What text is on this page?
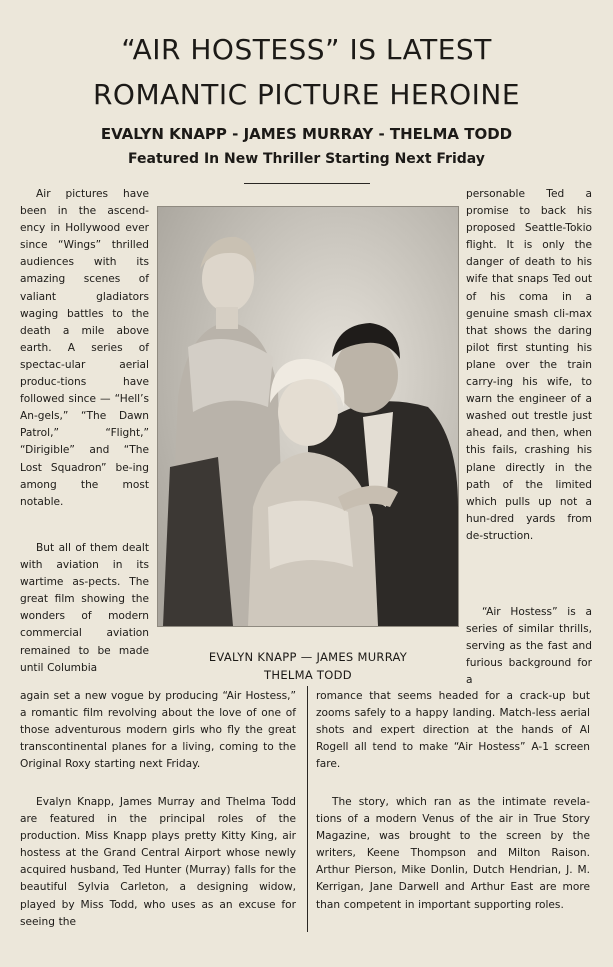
“AIR HOSTESS” IS LATEST
ROMANTIC PICTURE HEROINE
EVALYN KNAPP - JAMES MURRAY - THELMA TODD
Featured In New Thriller Starting Next Friday

Air pictures have been in the ascend-ency in Hollywood ever since “Wings” thrilled audiences with its amazing scenes of valiant gladiators waging battles to the death a mile above earth. A series of spectac-ular aerial produc-tions have followed since — “Hell’s An-gels,” “The Dawn Patrol,” “Flight,” “Dirigible” and “The Lost Squadron” be-ing among the most notable.

But all of them dealt with aviation in its wartime as-pects. The great film showing the wonders of modern commercial aviation remained to be made until Columbia

EVALYN KNAPP — JAMES MURRAY
THELMA TODD

personable Ted a promise to back his proposed Seattle-Tokio flight. It is only the danger of death to his wife that snaps Ted out of his coma in a genuine smash cli-max that shows the daring pilot first stunting his plane over the train carry-ing his wife, to warn the engineer of a washed out trestle just ahead, and then, when this fails, crashing his plane directly in the path of the limited which pulls up not a hun-dred yards from de-struction.

“Air Hostess” is a series of similar thrills, serving as the fast and furious background for a

again set a new vogue by producing “Air Hostess,” a romantic film revolving about the love of one of those adventurous modern girls who fly the great transcontinental planes for a living, coming to the Original Roxy starting next Friday.

Evalyn Knapp, James Murray and Thelma Todd are featured in the principal roles of the production. Miss Knapp plays pretty Kitty King, air hostess at the Grand Central Airport whose newly acquired husband, Ted Hunter (Murray) falls for the beautiful Sylvia Carleton, a designing widow, played by Miss Todd, who uses as an excuse for seeing the

romance that seems headed for a crack-up but zooms safely to a happy landing. Match-less aerial shots and expert direction at the hands of Al Rogell all tend to make “Air Hostess” A-1 screen fare.

The story, which ran as the intimate revela-tions of a modern Venus of the air in True Story Magazine, was brought to the screen by the writers, Keene Thompson and Milton Raison. Arthur Pierson, Mike Donlin, Dutch Hendrian, J. M. Kerrigan, Jane Darwell and Arthur East are more than competent in important supporting roles.
